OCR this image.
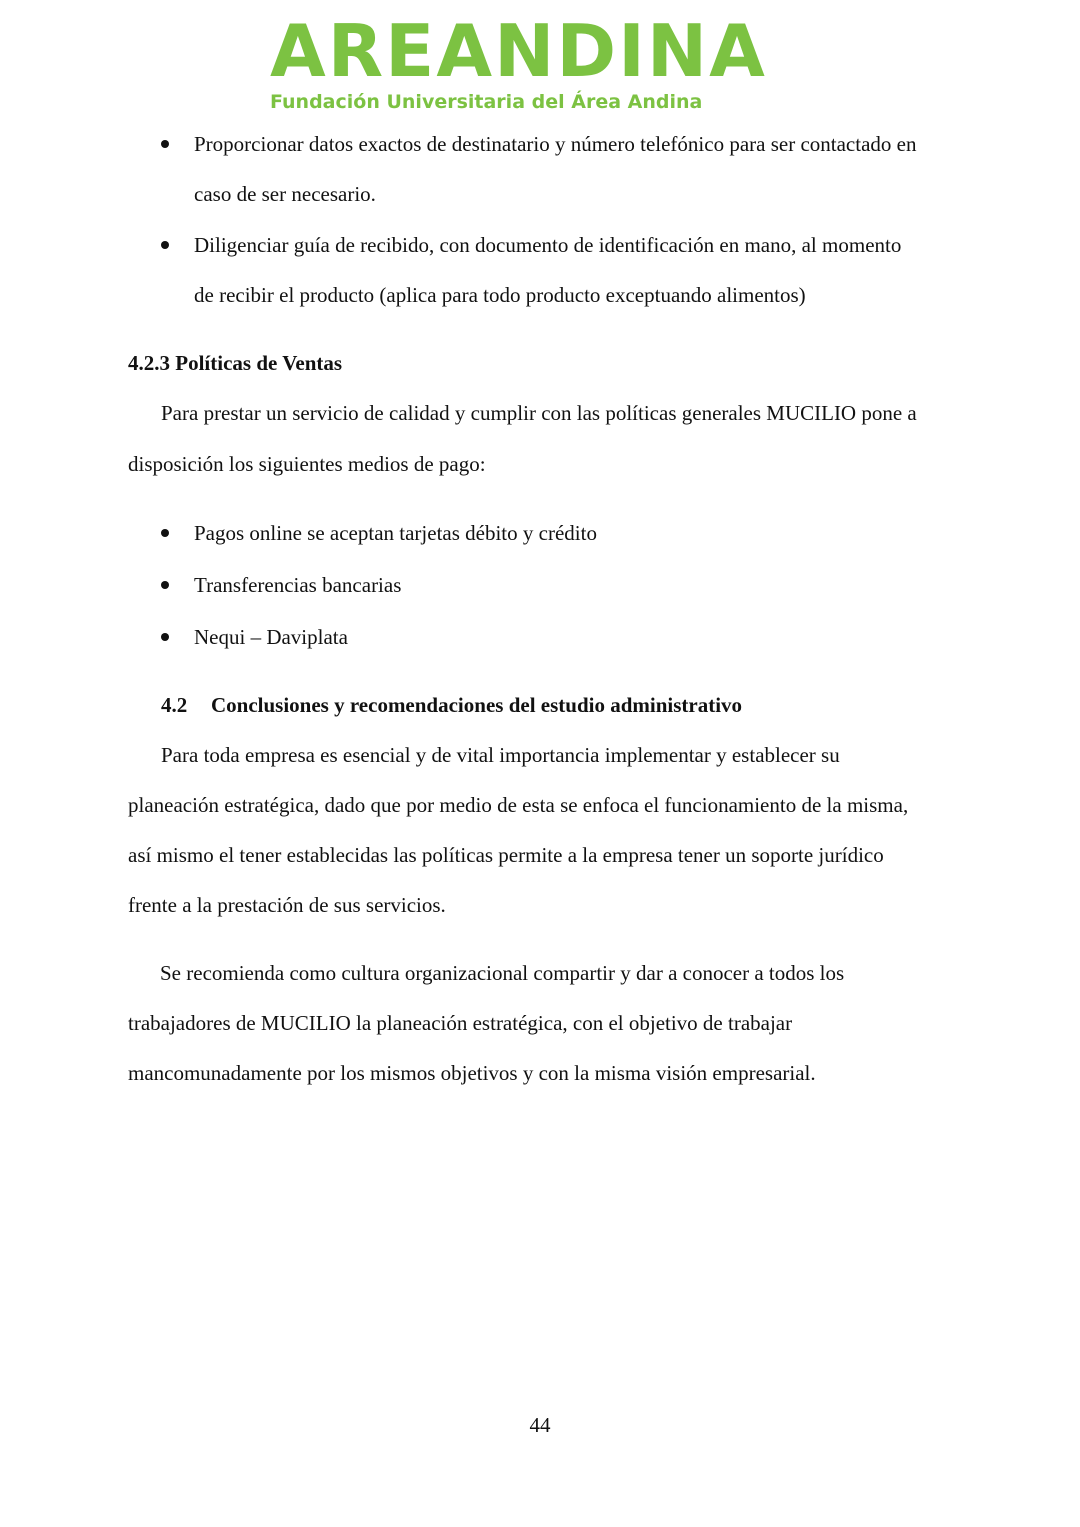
AREANDINA
Fundación Universitaria del Área Andina
Proporcionar datos exactos de destinatario y número telefónico para ser contactado en
caso de ser necesario.
Diligenciar guía de recibido, con documento de identificación en mano, al momento
de recibir el producto (aplica para todo producto exceptuando alimentos)
4.2.3 Políticas de Ventas
Para prestar un servicio de calidad y cumplir con las políticas generales MUCILIO pone a
disposición los siguientes medios de pago:
Pagos online se aceptan tarjetas débito y crédito
Transferencias bancarias
Nequi – Daviplata
4.2 Conclusiones y recomendaciones del estudio administrativo
Para toda empresa es esencial y de vital importancia implementar y establecer su
planeación estratégica, dado que por medio de esta se enfoca el funcionamiento de la misma,
así mismo el tener establecidas las políticas permite a la empresa tener un soporte jurídico
frente a la prestación de sus servicios.
Se recomienda como cultura organizacional compartir y dar a conocer a todos los
trabajadores de MUCILIO la planeación estratégica, con el objetivo de trabajar
mancomunadamente por los mismos objetivos y con la misma visión empresarial.
44
